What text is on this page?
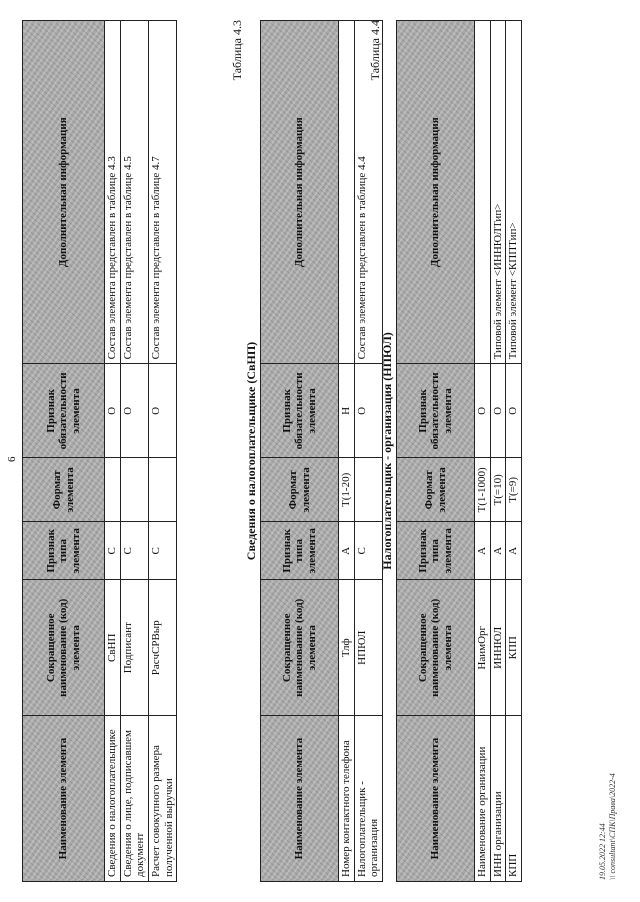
6
Наименование элемента	Сокращенное наименование (код) элемента	Признак типа элемента	Формат элемента	Признак обязательности элемента	Дополнительная информация
Сведения о налогоплательщике	СвНП	С		О	Состав элемента представлен в таблице 4.3
Сведения о лице, подписавшем документ	Подписант	С		О	Состав элемента представлен в таблице 4.5
Расчет совокупного размера полученной выручки	РасчСРВыр	С		О	Состав элемента представлен в таблице 4.7
Таблица 4.3
Сведения о налогоплательщике (СвНП)
Наименование элемента	Сокращенное наименование (код) элемента	Признак типа элемента	Формат элемента	Признак обязательности элемента	Дополнительная информация
Номер контактного телефона	Тлф	А	T(1-20)	Н	
Налогоплательщик - организация	НПЮЛ	С		О	Состав элемента представлен в таблице 4.4
Таблица 4.4
Налогоплательщик - организация (НПЮЛ)
Наименование элемента	Сокращенное наименование (код) элемента	Признак типа элемента	Формат элемента	Признак обязательности элемента	Дополнительная информация
Наименование организации	НаимОрг	А	T(1-1000)	О	
ИНН организации	ИННЮЛ	А	T(=10)	О	Типовой элемент <ИННЮЛТип>
КПП	КПП	А	T(=9)	О	Типовой элемент <КППТип>
19.05.2022 12:44 \\ consultant\СПК\Права\2022-4
